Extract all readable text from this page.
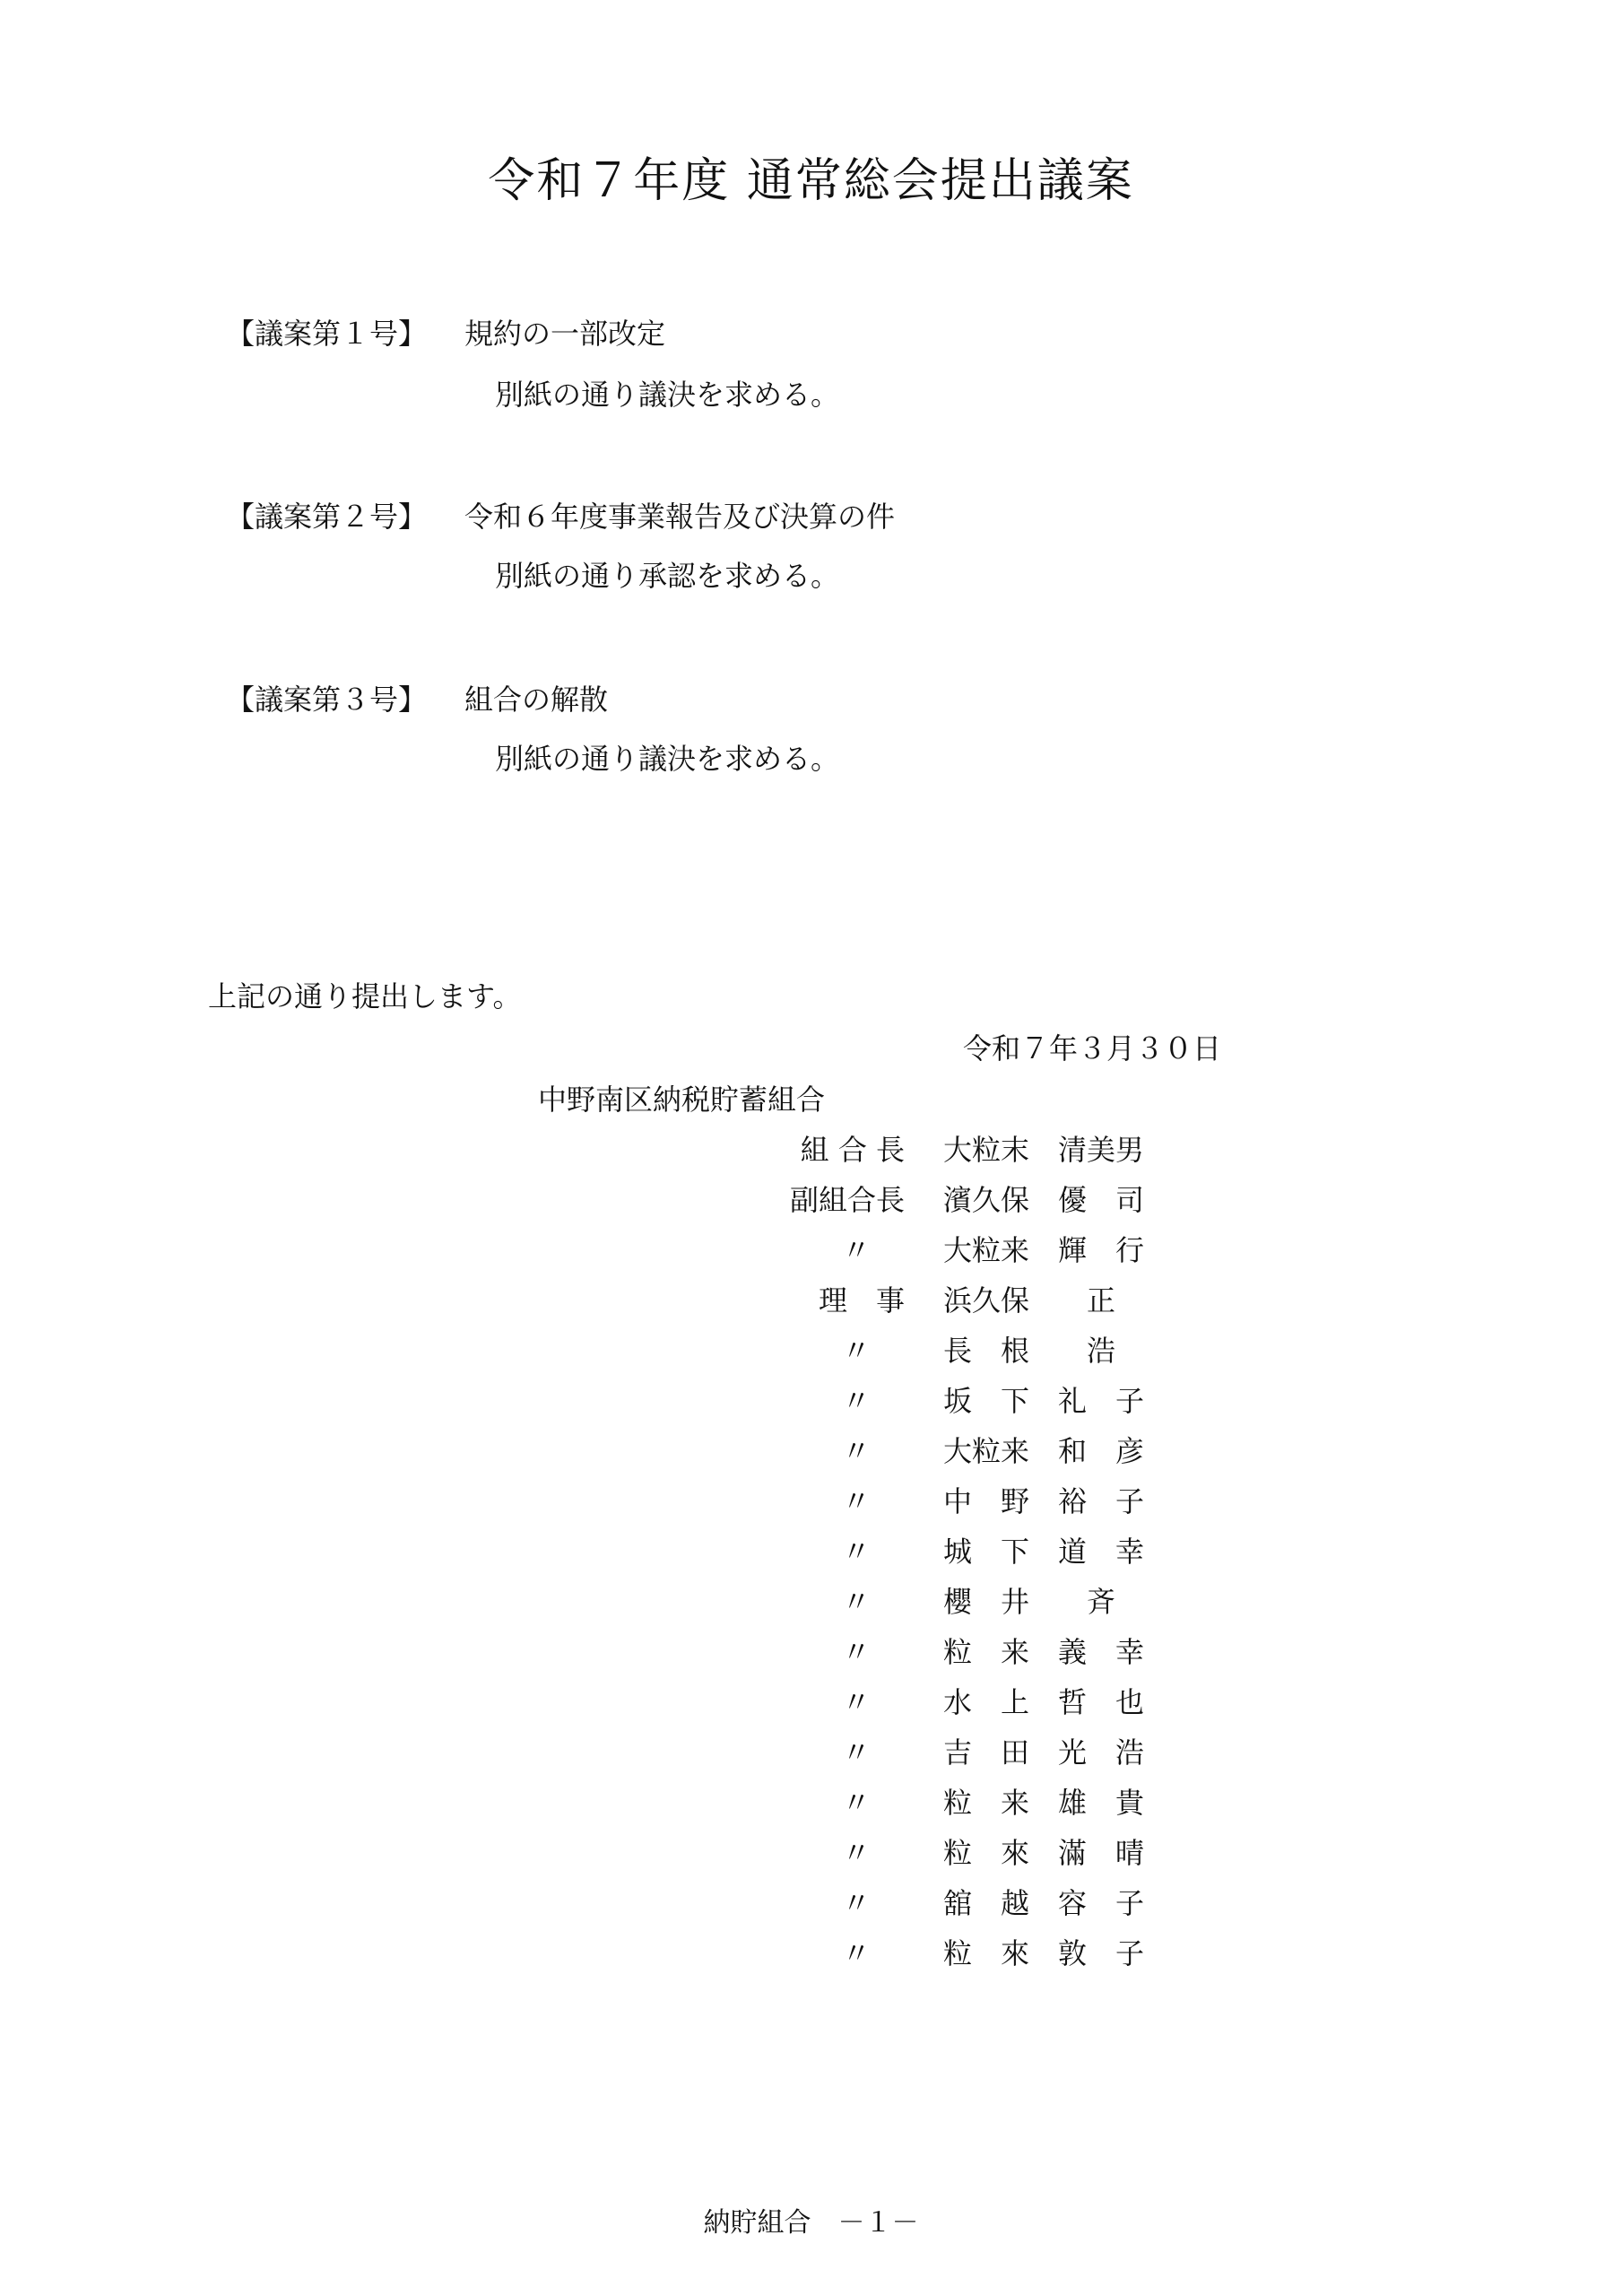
令和７年度 通常総会提出議案
【議案第１号】 規約の一部改定
別紙の通り議決を求める。
【議案第２号】 令和６年度事業報告及び決算の件
別紙の通り承認を求める。
【議案第３号】 組合の解散
別紙の通り議決を求める。
上記の通り提出します。
令和７年３月３０日
中野南区納税貯蓄組合
組 合 長 大粒末　清美男
副組合長 濱久保　優　司
〃	大粒来　輝　行
理　事 浜久保　　正
〃	長　根　　浩
〃	坂　下　礼　子
〃	大粒来　和　彦
〃	中　野　裕　子
〃	城　下　道　幸
〃	櫻　井　　斉
〃	粒　来　義　幸
〃	水　上　哲　也
〃	吉　田　光　浩
〃	粒　来　雄　貴
〃	粒　來　滿　晴
〃	舘　越　容　子
〃	粒　來　敦　子
納貯組合　－１－
